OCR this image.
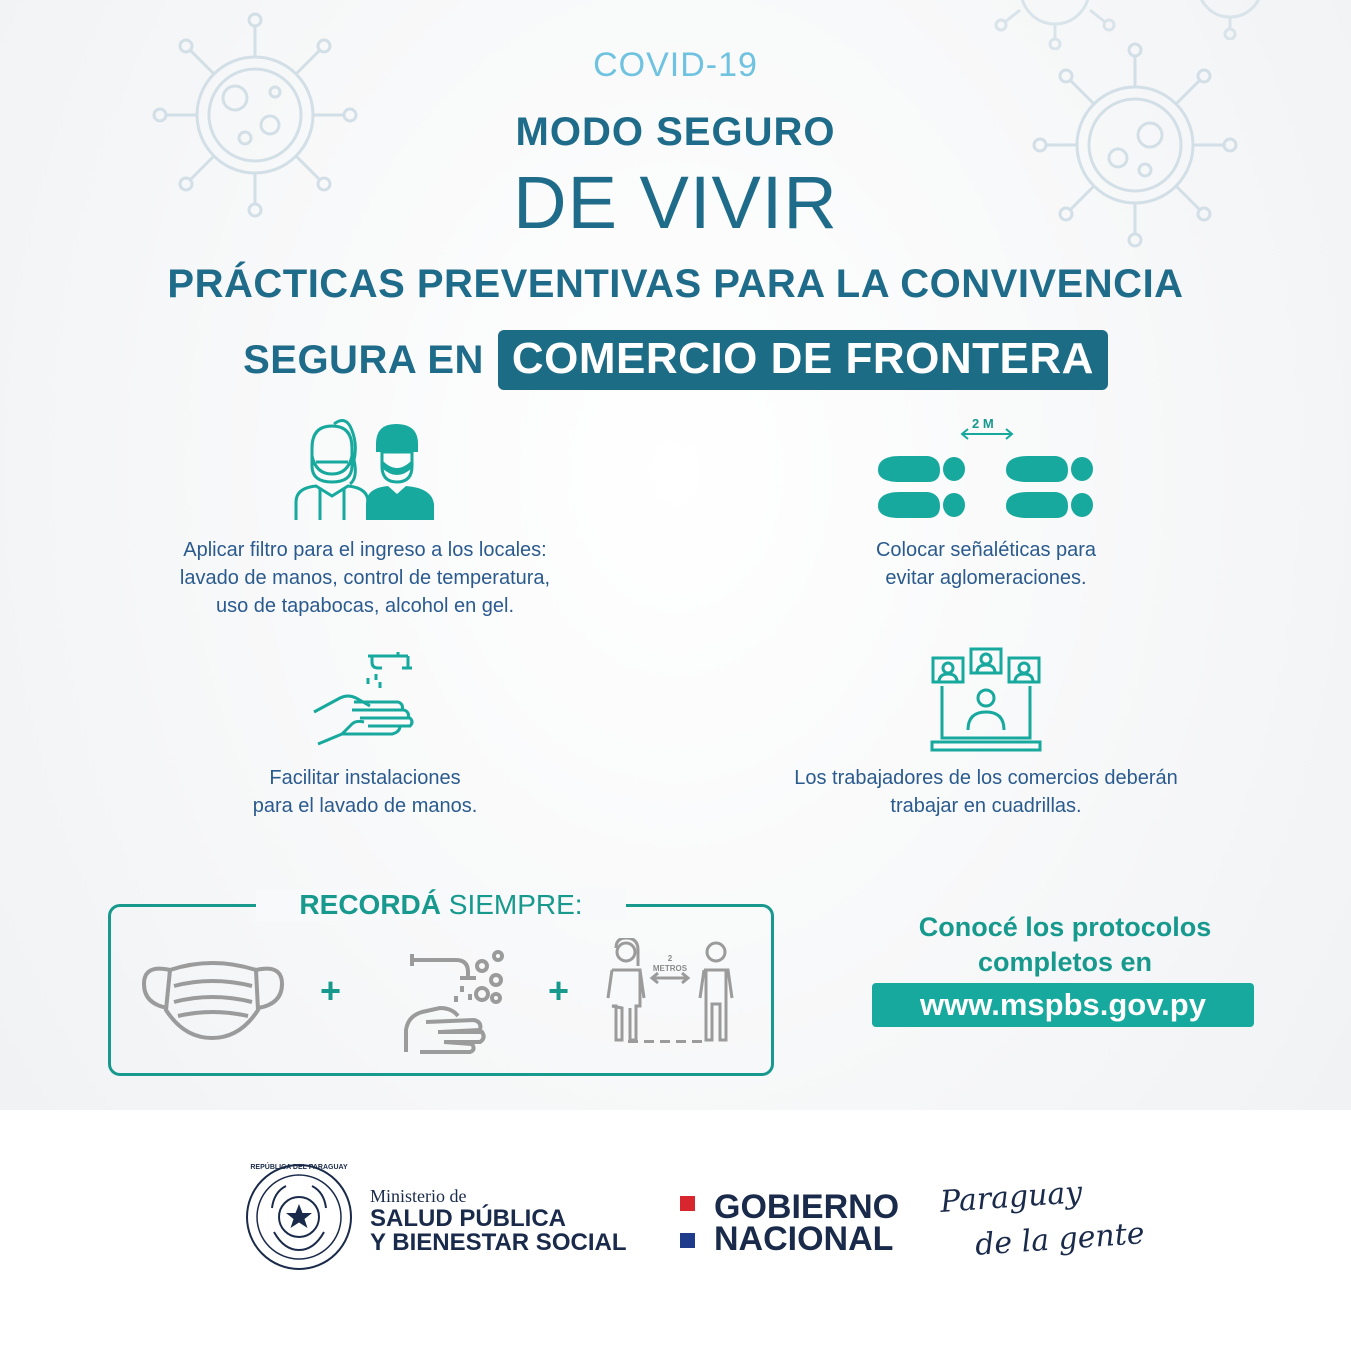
COVID-19
MODO SEGURO
DE VIVIR
PRÁCTICAS PREVENTIVAS PARA LA CONVIVENCIA
SEGURA EN COMERCIO DE FRONTERA
Aplicar filtro para el ingreso a los locales:
lavado de manos, control de temperatura,
uso de tapabocas, alcohol en gel.
2 M
Colocar señaléticas para
evitar aglomeraciones.
Facilitar instalaciones
para el lavado de manos.
Los trabajadores de los comercios deberán
trabajar en cuadrillas.
RECORDÁ SIEMPRE:
+	+
2
METROS
Conocé los protocolos
completos en
www.mspbs.gov.py
REPÚBLICA DEL PARAGUAY
Ministerio de
SALUD PÚBLICA
Y BIENESTAR SOCIAL
GOBIERNO
NACIONAL
Paraguay
de la gente
